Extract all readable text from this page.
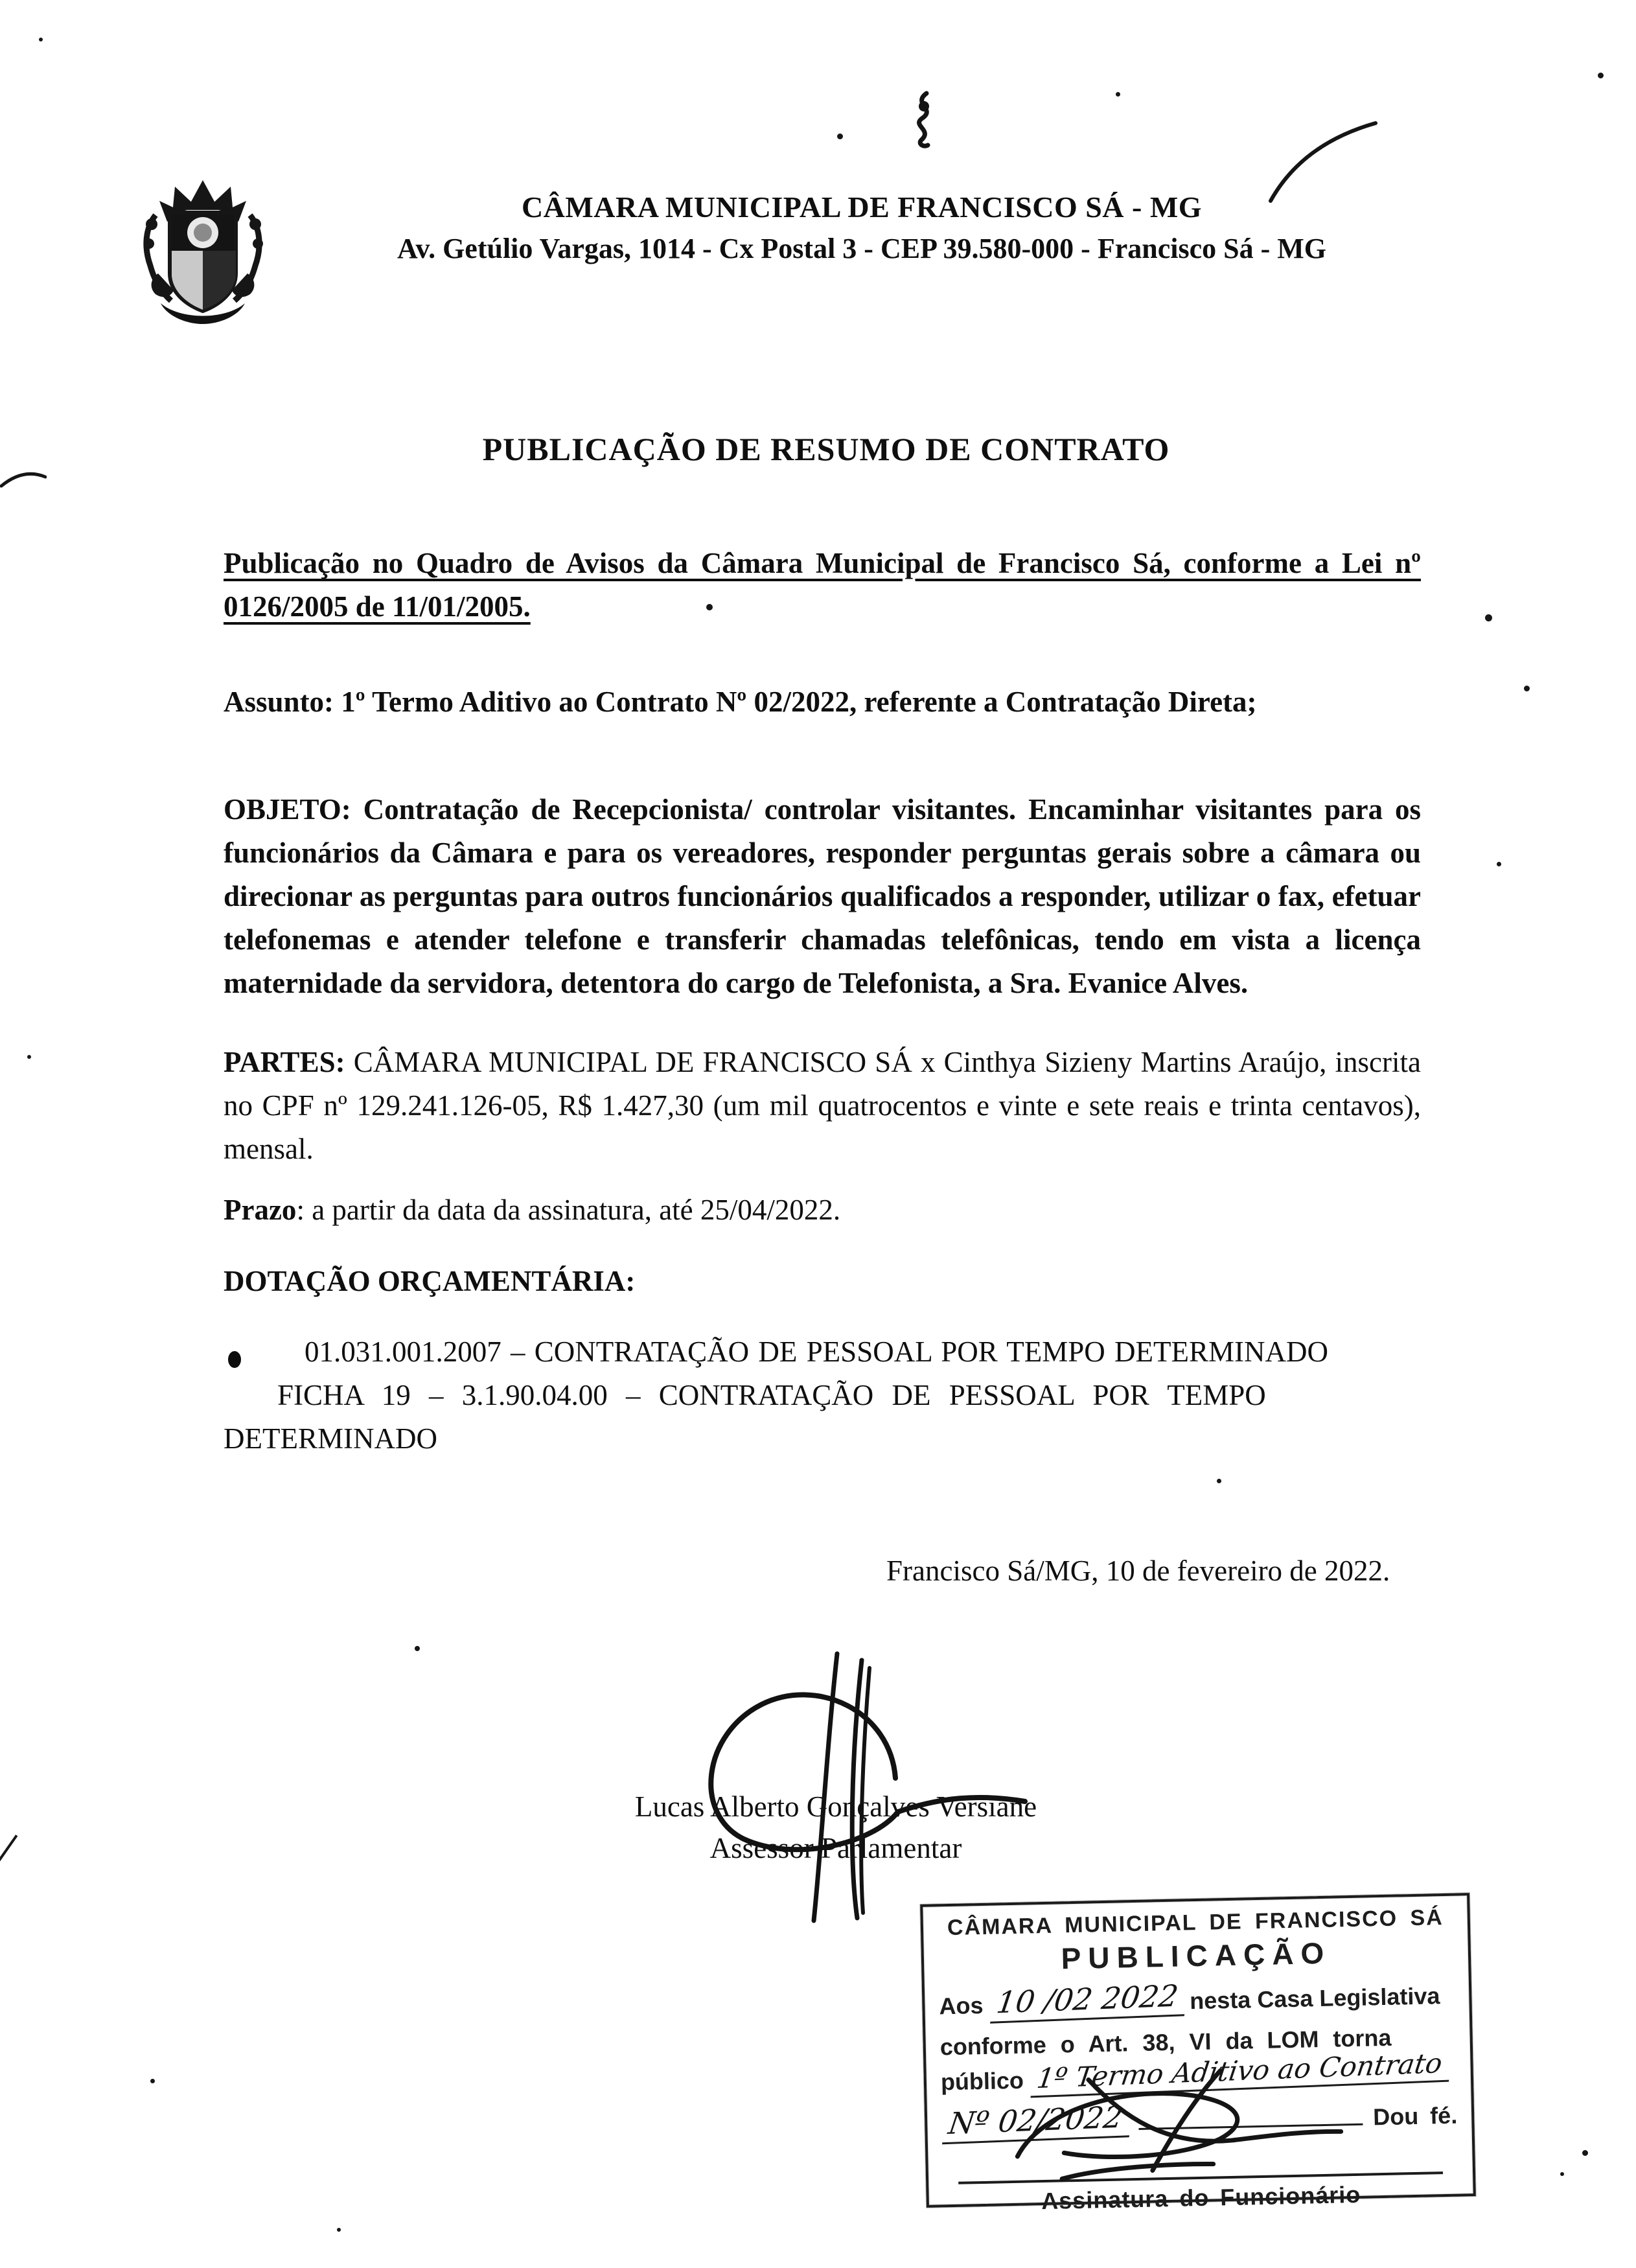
CÂMARA MUNICIPAL DE FRANCISCO SÁ - MG
Av. Getúlio Vargas, 1014 - Cx Postal 3 - CEP 39.580-000 - Francisco Sá - MG
PUBLICAÇÃO DE RESUMO DE CONTRATO
Publicação no Quadro de Avisos da Câmara Municipal de Francisco Sá, conforme a Lei nº 0126/2005 de 11/01/2005.
Assunto: 1º Termo Aditivo ao Contrato Nº 02/2022, referente a Contratação Direta;
OBJETO: Contratação de Recepcionista/ controlar visitantes. Encaminhar visitantes para os funcionários da Câmara e para os vereadores, responder perguntas gerais sobre a câmara ou direcionar as perguntas para outros funcionários qualificados a responder, utilizar o fax, efetuar telefonemas e atender telefone e transferir chamadas telefônicas, tendo em vista a licença maternidade da servidora, detentora do cargo de Telefonista, a Sra. Evanice Alves.
PARTES: CÂMARA MUNICIPAL DE FRANCISCO SÁ x Cinthya Sizieny Martins Araújo, inscrita no CPF nº 129.241.126-05, R$ 1.427,30 (um mil quatrocentos e vinte e sete reais e trinta centavos), mensal.
Prazo: a partir da data da assinatura, até 25/04/2022.
DOTAÇÃO ORÇAMENTÁRIA:
01.031.001.2007 – CONTRATAÇÃO DE PESSOAL POR TEMPO DETERMINADO
FICHA 19 – 3.1.90.04.00 – CONTRATAÇÃO DE PESSOAL POR TEMPO
DETERMINADO
Francisco Sá/MG, 10 de fevereiro de 2022.
Lucas Alberto Gonçalves Versiane
Assessor Parlamentar
CÂMARA MUNICIPAL DE FRANCISCO SÁ
PUBLICAÇÃO
Aos 10 /02 2022 nesta Casa Legislativa
conforme o Art. 38, VI da LOM torna
público 1º Termo Aditivo ao Contrato
Nº 02/2022	Dou fé.
Assinatura do Funcionário
